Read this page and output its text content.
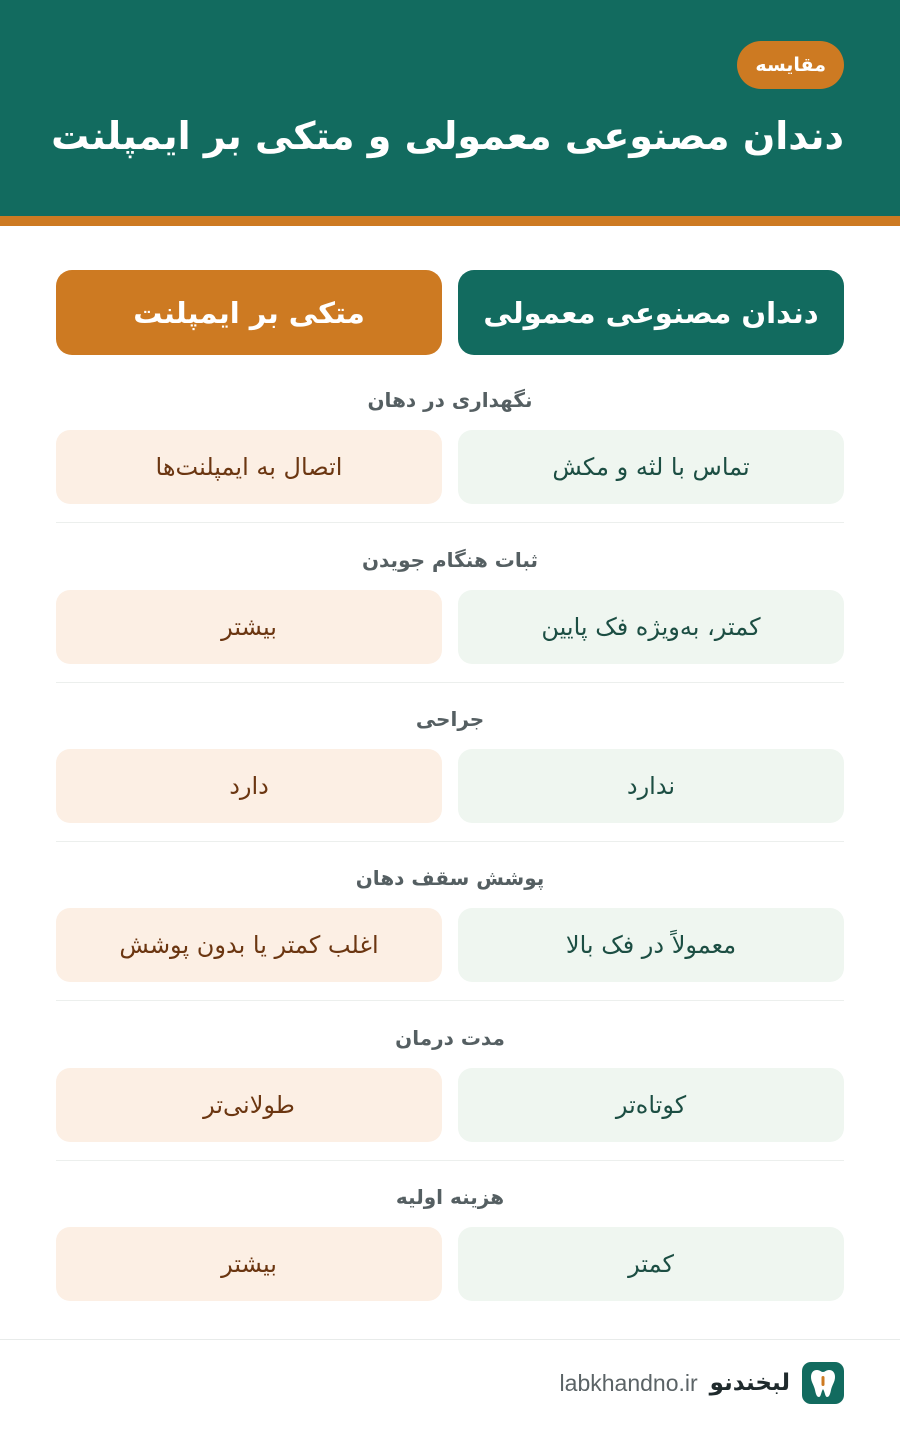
مقایسه
دندان مصنوعی معمولی و متکی بر ایمپلنت
دندان مصنوعی معمولی
متکی بر ایمپلنت
نگهداری در دهان
تماس با لثه و مکش
اتصال به ایمپلنت‌ها
ثبات هنگام جویدن
کمتر، به‌ویژه فک پایین
بیشتر
جراحی
ندارد
دارد
پوشش سقف دهان
معمولاً در فک بالا
اغلب کمتر یا بدون پوشش
مدت درمان
کوتاه‌تر
طولانی‌تر
هزینه اولیه
کمتر
بیشتر
لبخندنو
labkhandno.ir
